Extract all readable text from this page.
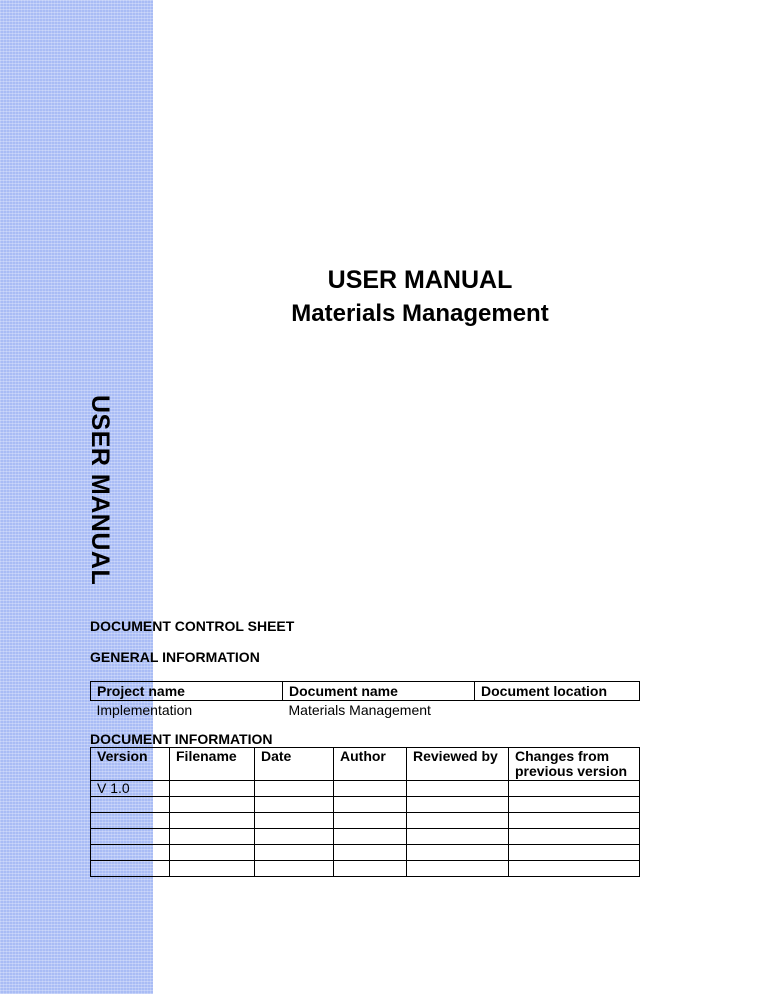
USER MANUAL
USER MANUAL
Materials Management
DOCUMENT CONTROL SHEET
GENERAL INFORMATION
Project name	Document name	Document location
Implementation	Materials Management	
DOCUMENT INFORMATION
Version	Filename	Date	Author	Reviewed by	Changes from previous version
V 1.0					
